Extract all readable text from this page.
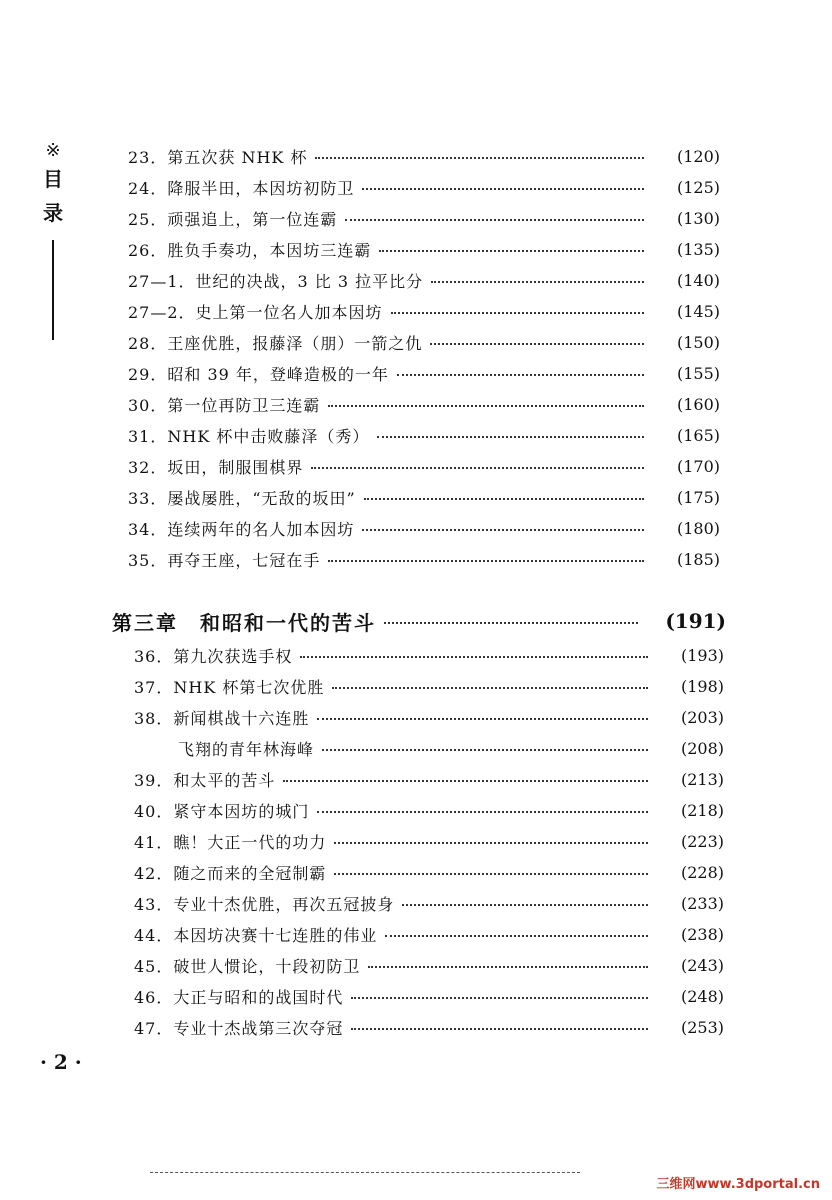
※
目
录
23．第五次获 NHK 杯	(120)
24．降服半田，本因坊初防卫	(125)
25．顽强追上，第一位连霸	(130)
26．胜负手奏功，本因坊三连霸	(135)
27—1．世纪的决战，3 比 3 拉平比分	(140)
27—2．史上第一位名人加本因坊	(145)
28．王座优胜，报藤泽（朋）一箭之仇	(150)
29．昭和 39 年，登峰造极的一年	(155)
30．第一位再防卫三连霸	(160)
31．NHK 杯中击败藤泽（秀）	(165)
32．坂田，制服围棋界	(170)
33．屡战屡胜，“无敌的坂田”	(175)
34．连续两年的名人加本因坊	(180)
35．再夺王座，七冠在手	(185)
第三章　和昭和一代的苦斗	(191)
36．第九次获选手权	(193)
37．NHK 杯第七次优胜	(198)
38．新闻棋战十六连胜	(203)
飞翔的青年林海峰	(208)
39．和太平的苦斗	(213)
40．紧守本因坊的城门	(218)
41．瞧！大正一代的功力	(223)
42．随之而来的全冠制霸	(228)
43．专业十杰优胜，再次五冠披身	(233)
44．本因坊决赛十七连胜的伟业	(238)
45．破世人惯论，十段初防卫	(243)
46．大正与昭和的战国时代	(248)
47．专业十杰战第三次夺冠	(253)
· 2 ·
三维网www.3dportal.cn
